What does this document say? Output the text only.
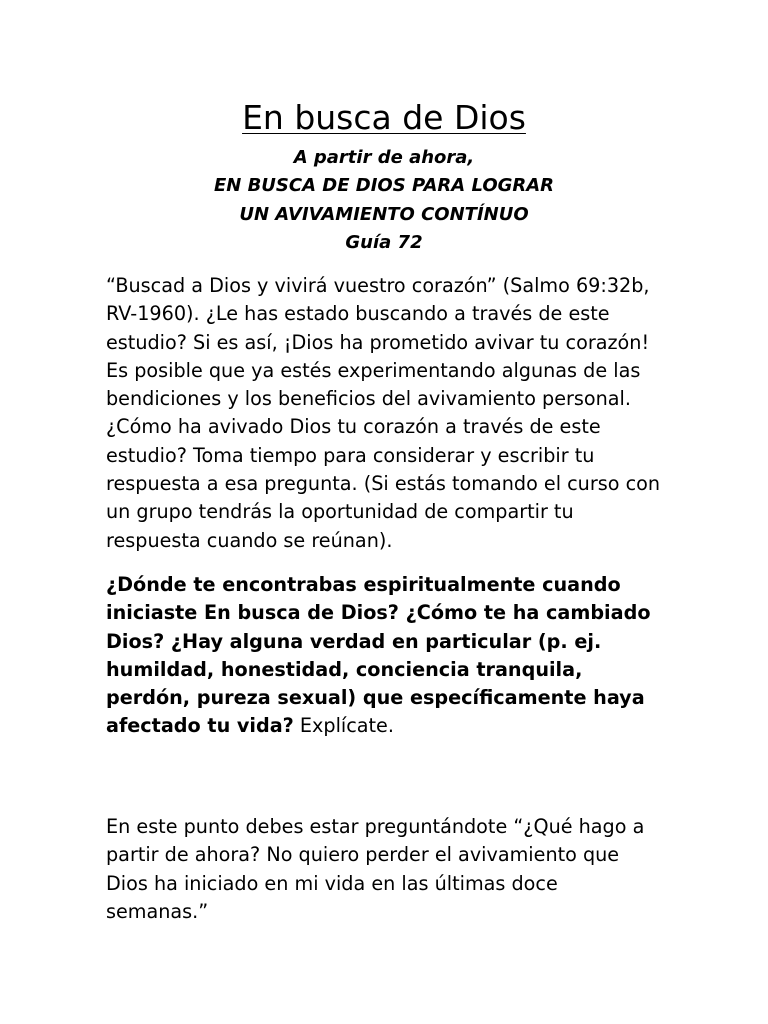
En busca de Dios
A partir de ahora,
EN BUSCA DE DIOS PARA LOGRAR
UN AVIVAMIENTO CONTÍNUO
Guía 72

“Buscad a Dios y vivirá vuestro corazón” (Salmo 69:32b, RV-1960). ¿Le has estado buscando a través de este estudio? Si es así, ¡Dios ha prometido avivar tu corazón! Es posible que ya estés experimentando algunas de las bendiciones y los beneficios del avivamiento personal. ¿Cómo ha avivado Dios tu corazón a través de este estudio? Toma tiempo para considerar y escribir tu respuesta a esa pregunta. (Si estás tomando el curso con un grupo tendrás la oportunidad de compartir tu respuesta cuando se reúnan).

¿Dónde te encontrabas espiritualmente cuando iniciaste En busca de Dios? ¿Cómo te ha cambiado Dios? ¿Hay alguna verdad en particular (p. ej. humildad, honestidad, conciencia tranquila, perdón, pureza sexual) que específicamente haya afectado tu vida? Explícate.

En este punto debes estar preguntándote “¿Qué hago a partir de ahora? No quiero perder el avivamiento que Dios ha iniciado en mi vida en las últimas doce semanas.”
